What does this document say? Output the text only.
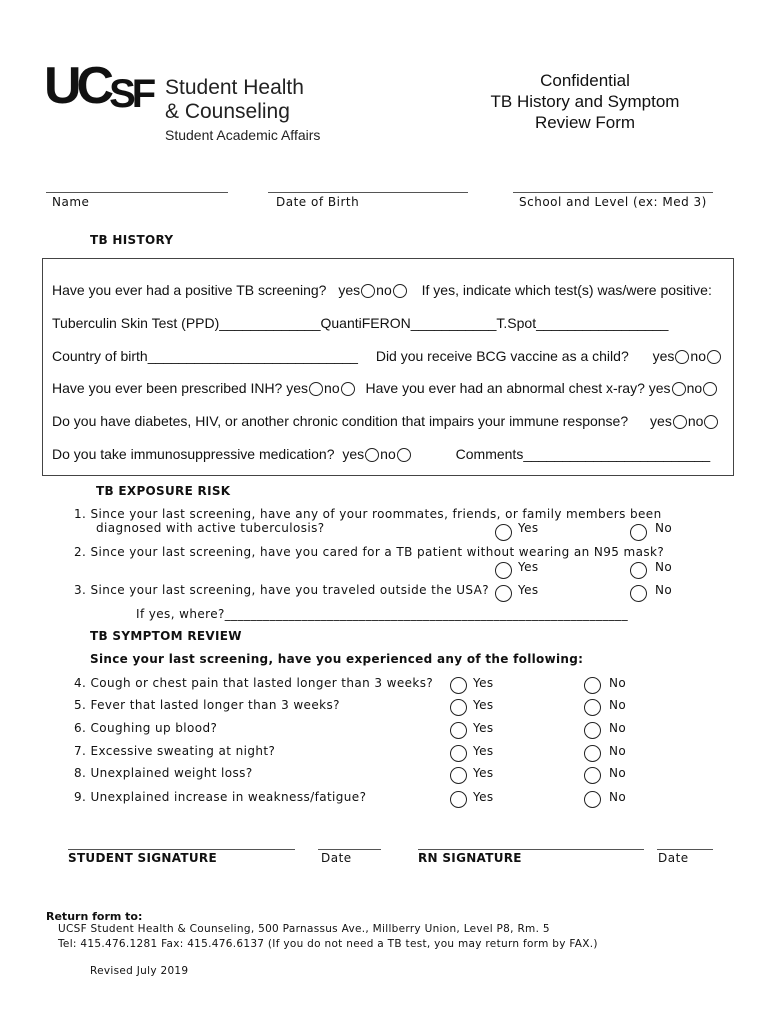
UCSF Student Health
& Counseling
Student Academic Affairs
Confidential
TB History and Symptom
Review Form
Name	Date of Birth	School and Level (ex: Med 3)
TB HISTORY
Have you ever had a positive TB screening? yes no If yes, indicate which test(s) was/were positive:
Tuberculin Skin Test (PPD)_____________QuantiFERON___________T.Spot_________________
Country of birth___________________________ Did you receive BCG vaccine as a child? yes no
Have you ever been prescribed INH? yes no Have you ever had an abnormal chest x-ray? yes no
Do you have diabetes, HIV, or another chronic condition that impairs your immune response? yes no
Do you take immunosuppressive medication? yes no	Comments________________________
TB EXPOSURE RISK
1. Since your last screening, have any of your roommates, friends, or family members been
diagnosed with active tuberculosis?	Yes	No
2. Since your last screening, have you cared for a TB patient without wearing an N95 mask?
Yes	No
3. Since your last screening, have you traveled outside the USA? Yes	No
If yes, where?_______________________________________________________________
TB SYMPTOM REVIEW
Since your last screening, have you experienced any of the following:
4. Cough or chest pain that lasted longer than 3 weeks?	Yes	No
5. Fever that lasted longer than 3 weeks?	Yes	No
6. Coughing up blood?	Yes	No
7. Excessive sweating at night?	Yes	No
8. Unexplained weight loss?	Yes	No
9. Unexplained increase in weakness/fatigue?	Yes	No
STUDENT SIGNATURE	Date	RN SIGNATURE	Date
Return form to:
UCSF Student Health & Counseling, 500 Parnassus Ave., Millberry Union, Level P8, Rm. 5
Tel: 415.476.1281 Fax: 415.476.6137 (If you do not need a TB test, you may return form by FAX.)
Revised July 2019
